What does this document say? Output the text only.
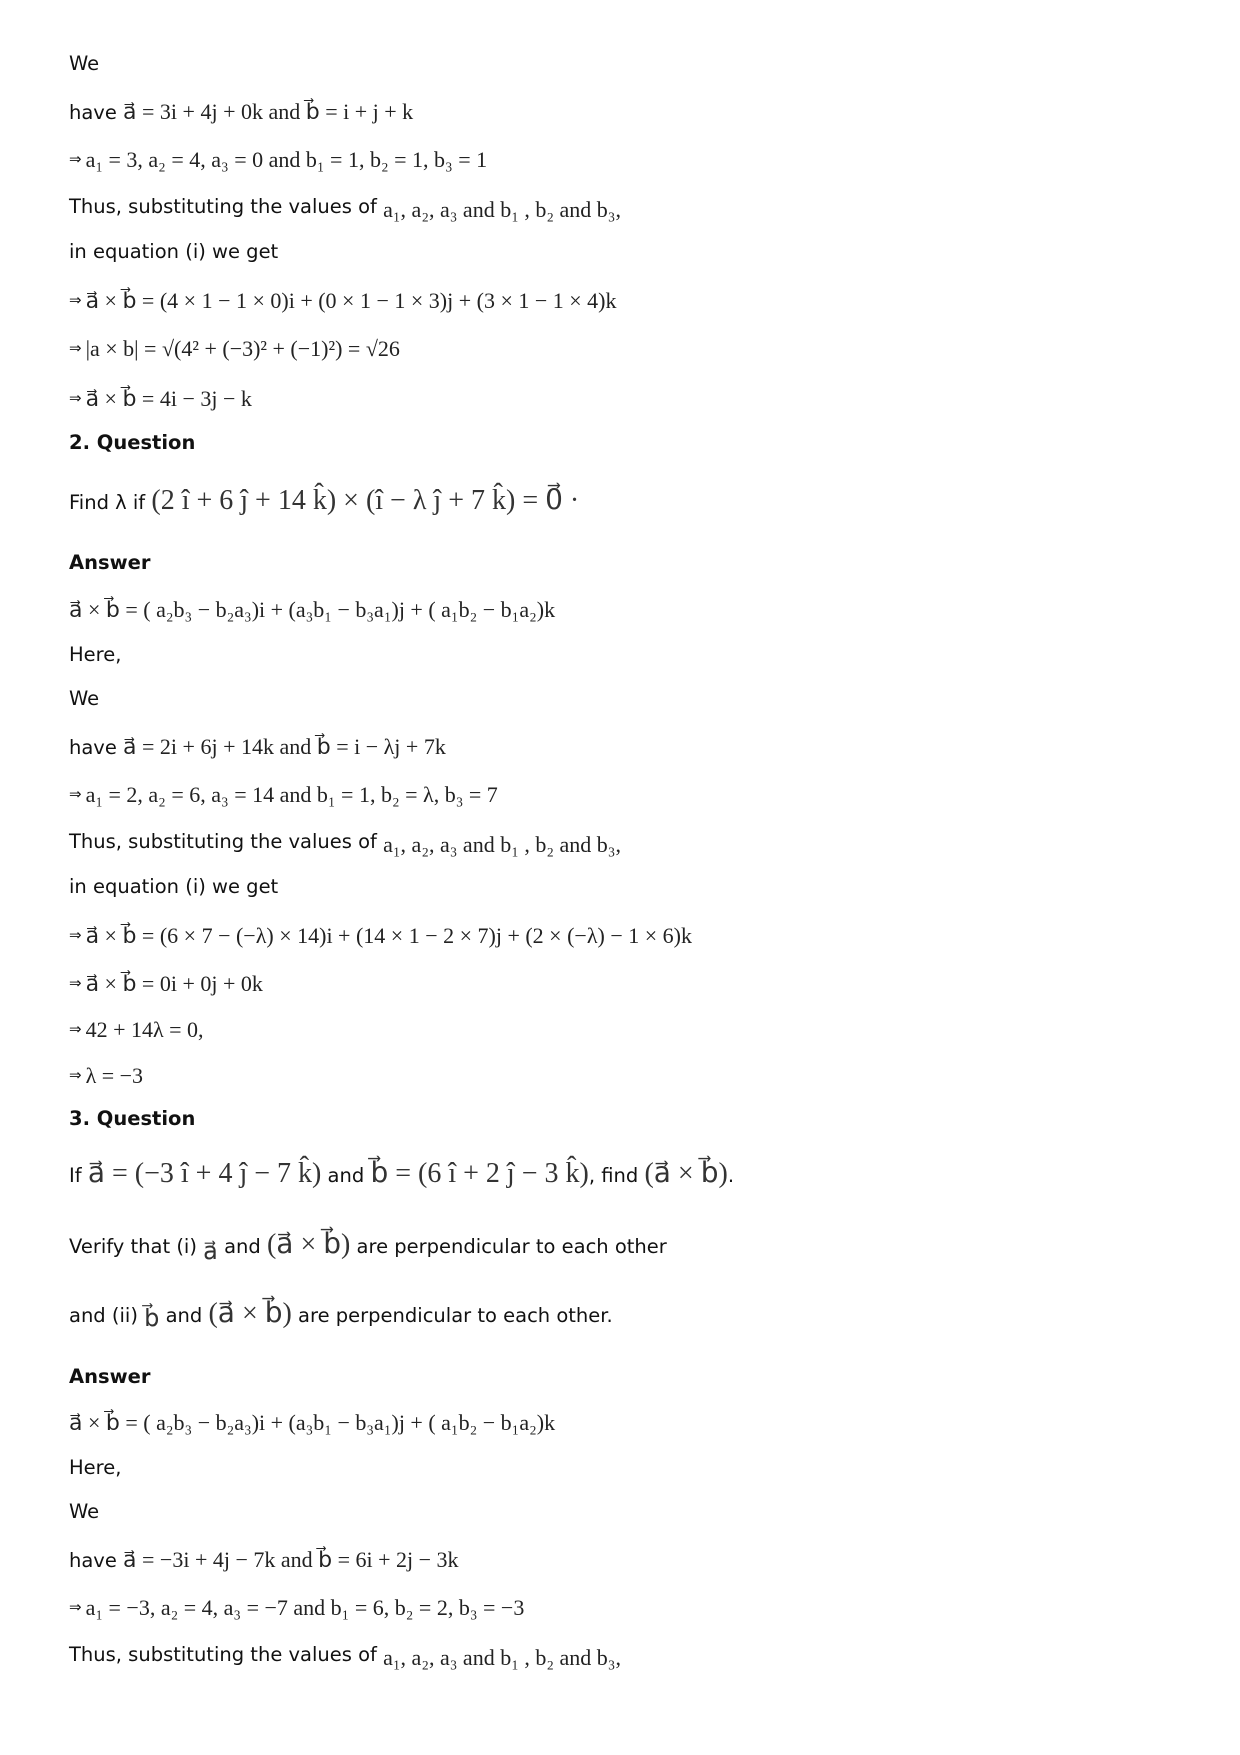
We
have a⃗ = 3i + 4j + 0k and b⃗ = i + j + k
⇒ a₁ = 3, a₂ = 4, a₃ = 0 and b₁ = 1, b₂ = 1, b₃ = 1
Thus, substituting the values of a₁, a₂, a₃ and b₁ , b₂ and b₃,
in equation (i) we get
⇒ a⃗ × b⃗ = (4 × 1 − 1 × 0)i + (0 × 1 − 1 × 3)j + (3 × 1 − 1 × 4)k
⇒ |a × b| = √(4² + (−3)² + (−1)²) = √26
⇒ a⃗ × b⃗ = 4i − 3j − k
2. Question
Find λ if (2 î + 6 ĵ + 14 k̂) × (î − λ ĵ + 7 k̂) = 0⃗ ·
Answer
a⃗ × b⃗ = ( a₂b₃ − b₂a₃)i + (a₃b₁ − b₃a₁)j + ( a₁b₂ − b₁a₂)k
Here,
We
have a⃗ = 2i + 6j + 14k and b⃗ = i − λj + 7k
⇒ a₁ = 2, a₂ = 6, a₃ = 14 and b₁ = 1, b₂ = λ, b₃ = 7
Thus, substituting the values of a₁, a₂, a₃ and b₁ , b₂ and b₃,
in equation (i) we get
⇒ a⃗ × b⃗ = (6 × 7 − (−λ) × 14)i + (14 × 1 − 2 × 7)j + (2 × (−λ) − 1 × 6)k
⇒ a⃗ × b⃗ = 0i + 0j + 0k
⇒ 42 + 14λ = 0,
⇒ λ = −3
3. Question
If a⃗ = (−3 î + 4 ĵ − 7 k̂) and b⃗ = (6 î + 2 ĵ − 3 k̂), find (a⃗ × b⃗).
Verify that (i) a⃗ and (a⃗ × b⃗) are perpendicular to each other
and (ii) b⃗ and (a⃗ × b⃗) are perpendicular to each other.
Answer
a⃗ × b⃗ = ( a₂b₃ − b₂a₃)i + (a₃b₁ − b₃a₁)j + ( a₁b₂ − b₁a₂)k
Here,
We
have a⃗ = −3i + 4j − 7k and b⃗ = 6i + 2j − 3k
⇒ a₁ = −3, a₂ = 4, a₃ = −7 and b₁ = 6, b₂ = 2, b₃ = −3
Thus, substituting the values of a₁, a₂, a₃ and b₁ , b₂ and b₃,
